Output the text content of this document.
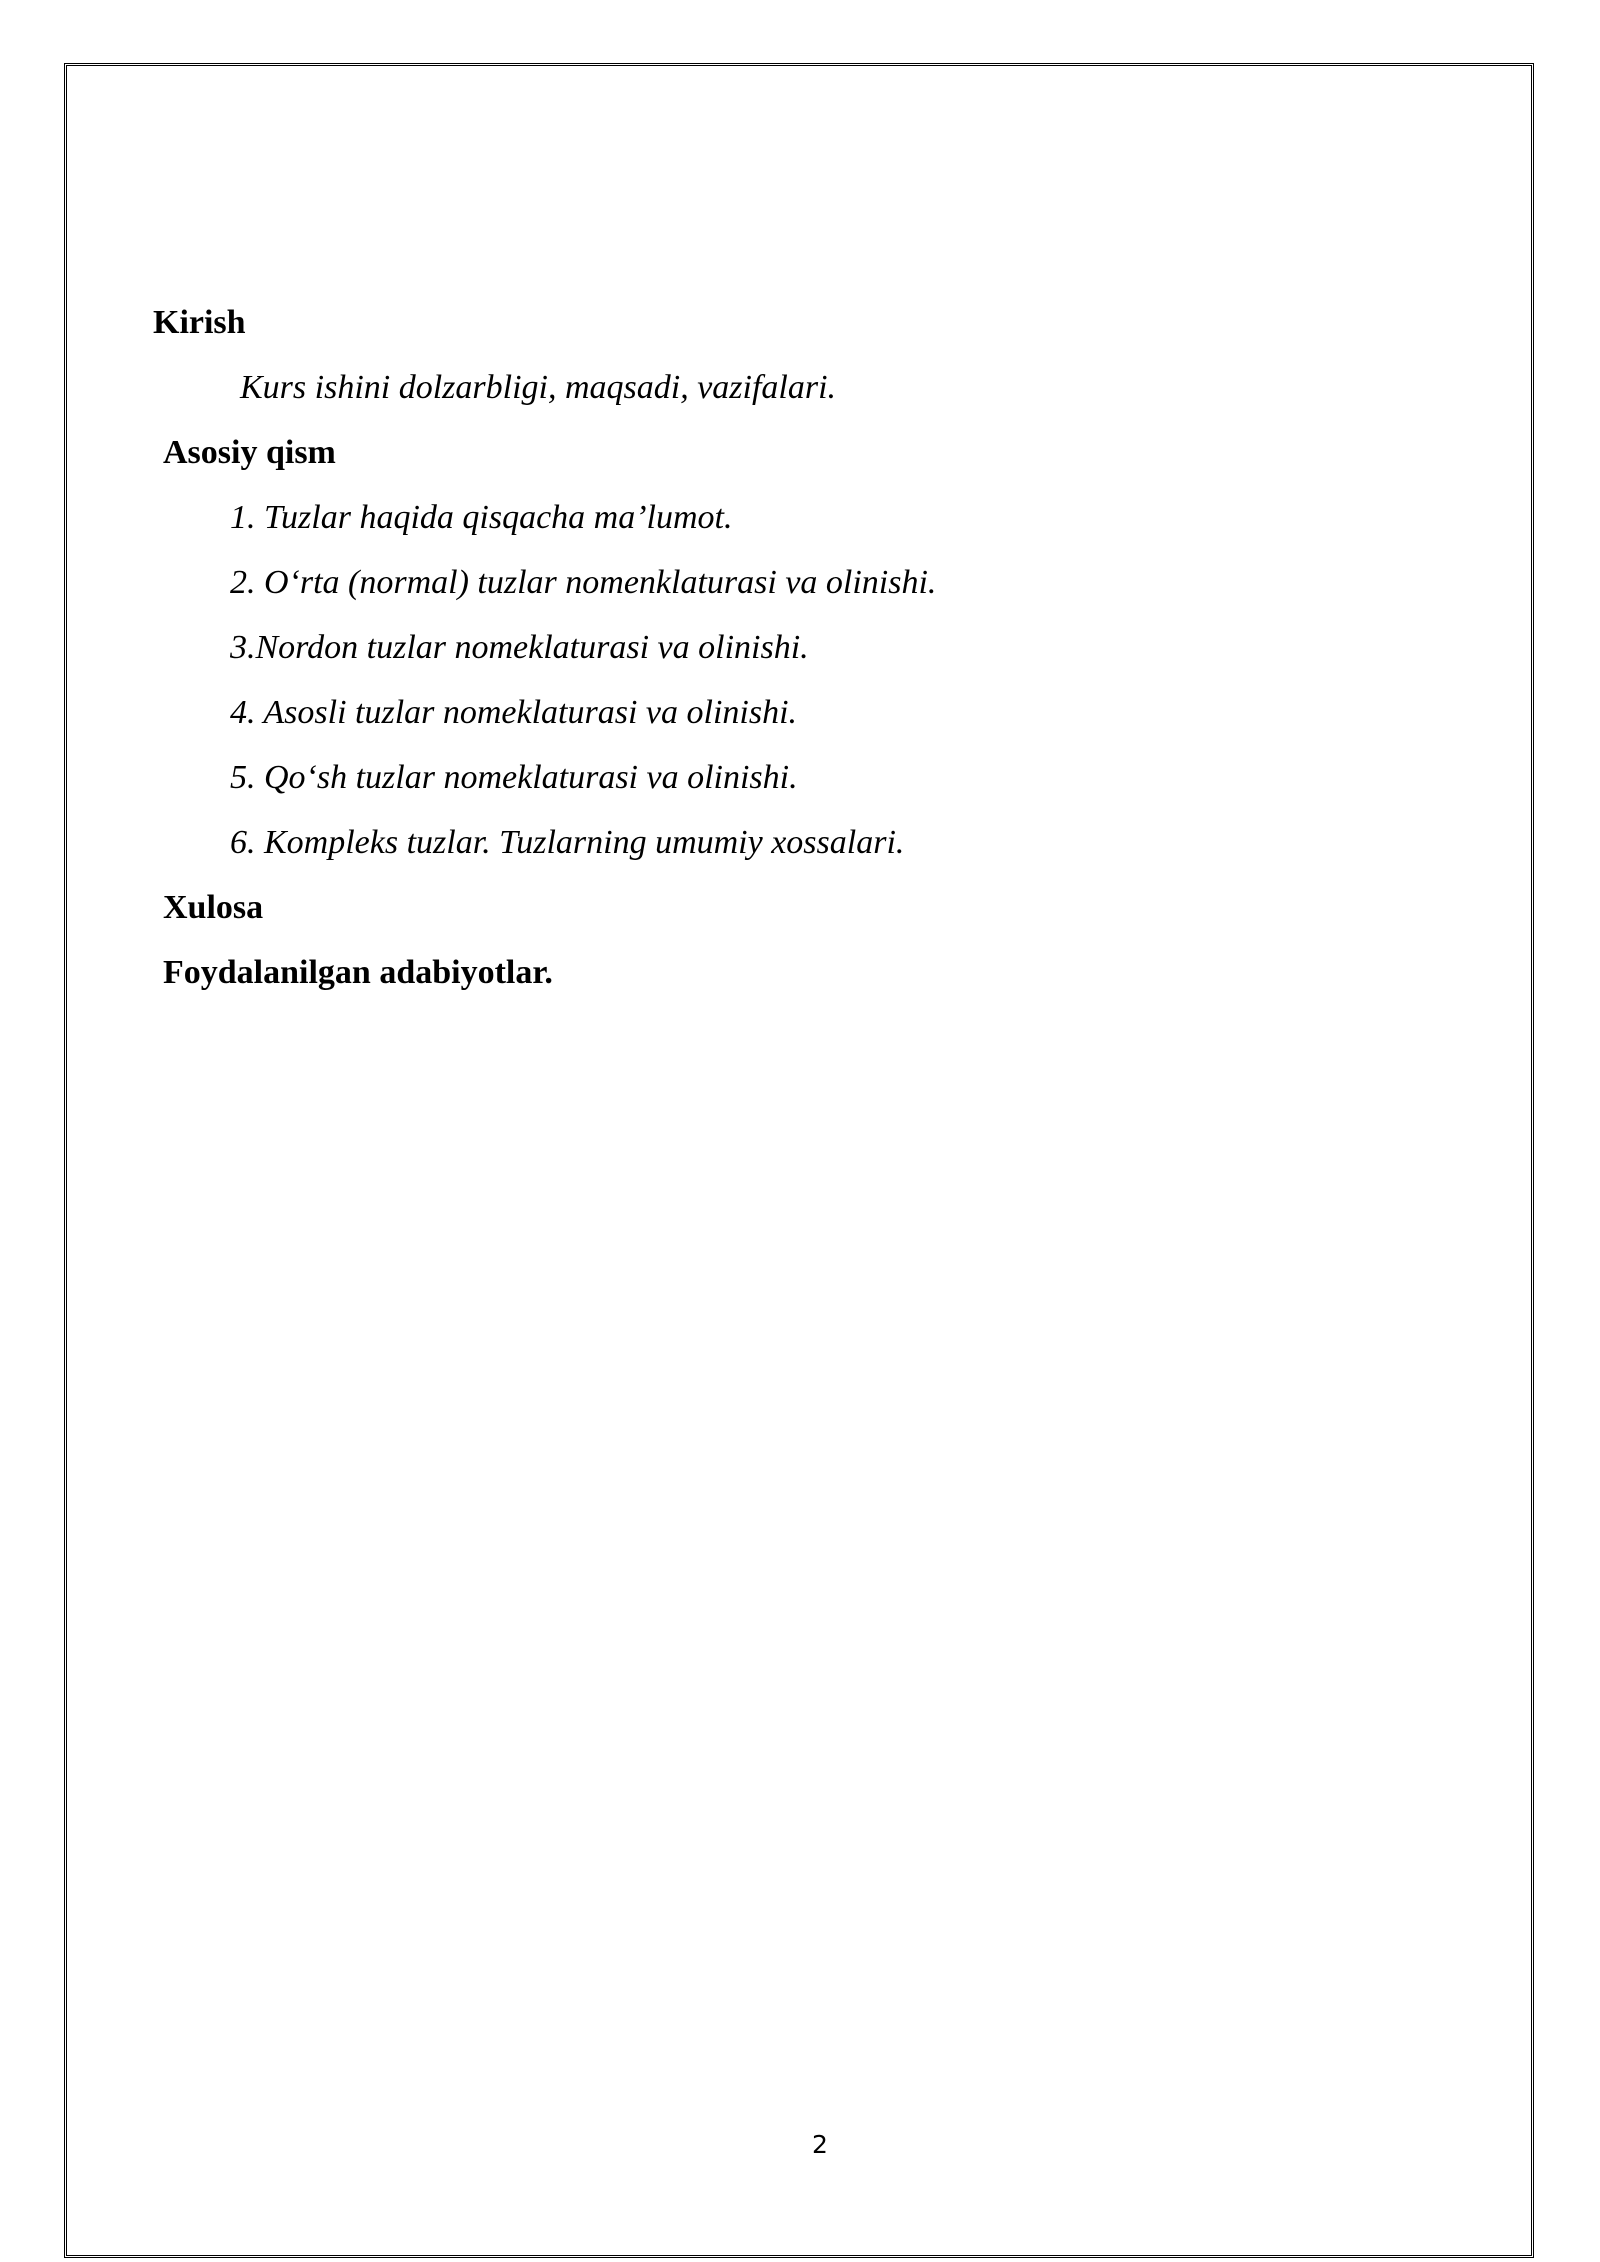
Kirish
Kurs ishini dolzarbligi, maqsadi, vazifalari.
Asosiy qism
1. Tuzlar haqida qisqacha ma’lumot.
2. O‘rta (normal) tuzlar nomenklaturasi va olinishi.
3.Nordon tuzlar nomeklaturasi va olinishi.
4. Asosli tuzlar nomeklaturasi va olinishi.
5. Qo‘sh tuzlar nomeklaturasi va olinishi.
6. Kompleks tuzlar. Tuzlarning umumiy xossalari.
Xulosa
Foydalanilgan adabiyotlar.
2
